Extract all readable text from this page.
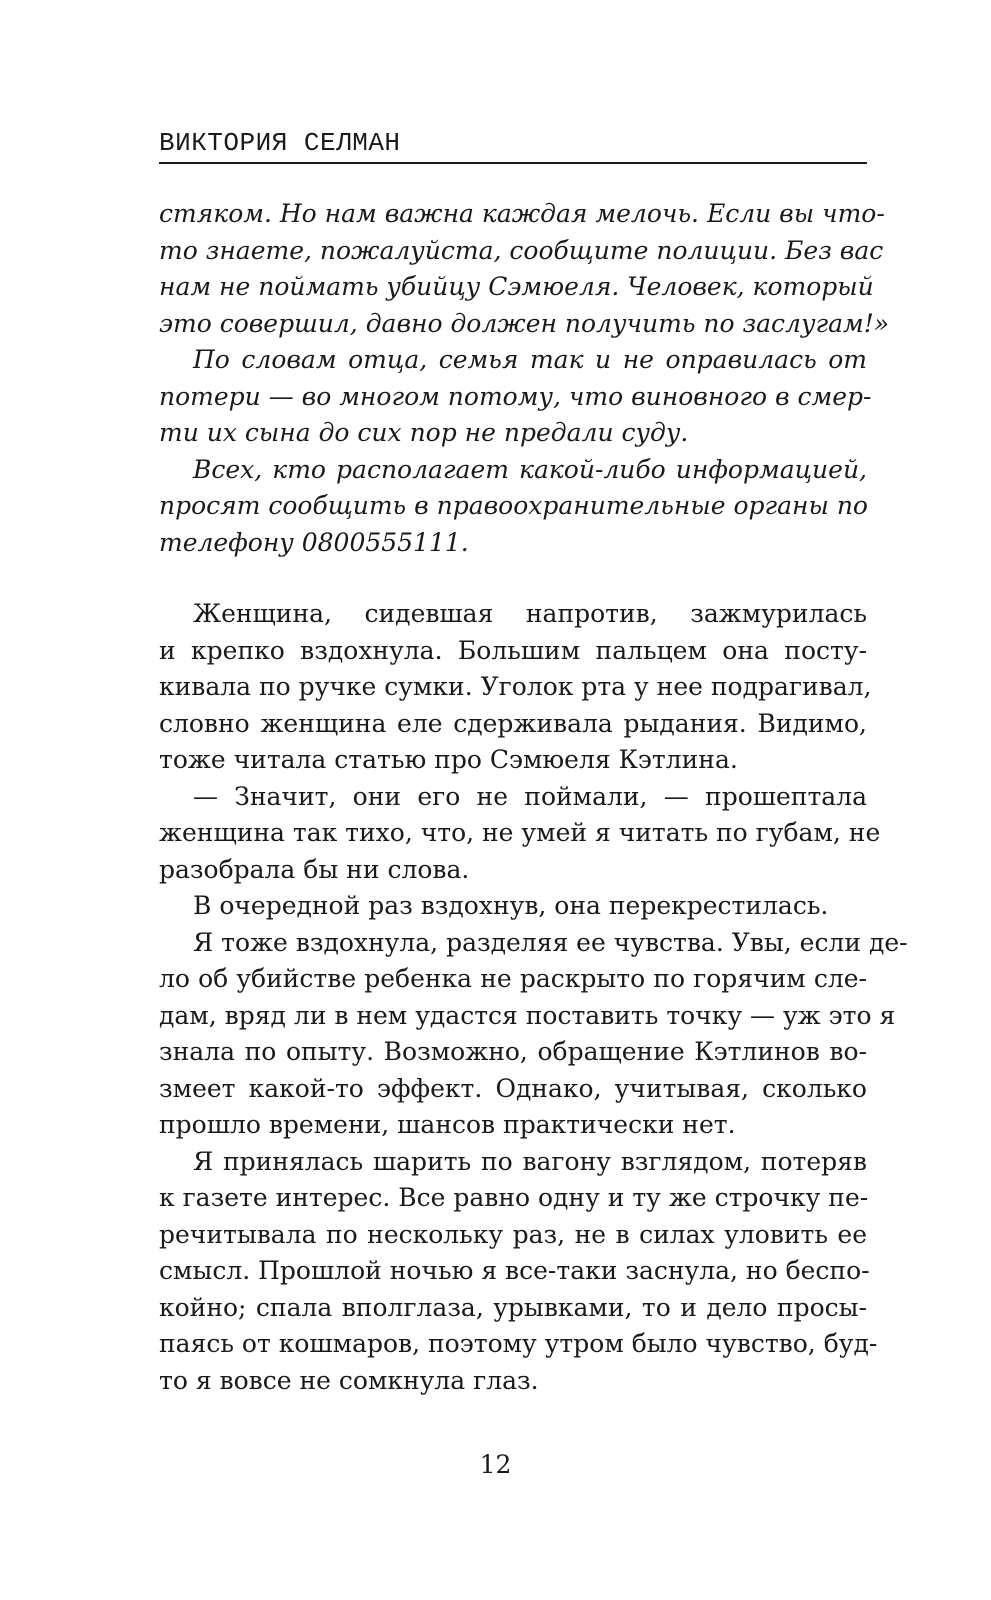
ВИКТОРИЯ СЕЛМАН
стяком. Но нам важна каждая мелочь. Если вы что-
то знаете, пожалуйста, сообщите полиции. Без вас
нам не поймать убийцу Сэмюеля. Человек, который
это совершил, давно должен получить по заслугам!»
По словам отца, семья так и не оправилась от
потери — во многом потому, что виновного в смер-
ти их сына до сих пор не предали суду.
Всех, кто располагает какой-либо информацией,
просят сообщить в правоохранительные органы по
телефону 0800555111.
Женщина, сидевшая напротив, зажмурилась
и крепко вздохнула. Большим пальцем она посту-
кивала по ручке сумки. Уголок рта у нее подрагивал,
словно женщина еле сдерживала рыдания. Видимо,
тоже читала статью про Сэмюеля Кэтлина.
— Значит, они его не поймали, — прошептала
женщина так тихо, что, не умей я читать по губам, не
разобрала бы ни слова.
В очередной раз вздохнув, она перекрестилась.
Я тоже вздохнула, разделяя ее чувства. Увы, если де-
ло об убийстве ребенка не раскрыто по горячим сле-
дам, вряд ли в нем удастся поставить точку — уж это я
знала по опыту. Возможно, обращение Кэтлинов во-
змеет какой-то эффект. Однако, учитывая, сколько
прошло времени, шансов практически нет.
Я принялась шарить по вагону взглядом, потеряв
к газете интерес. Все равно одну и ту же строчку пе-
речитывала по нескольку раз, не в силах уловить ее
смысл. Прошлой ночью я все-таки заснула, но беспо-
койно; спала вполглаза, урывками, то и дело просы-
паясь от кошмаров, поэтому утром было чувство, буд-
то я вовсе не сомкнула глаз.
12
